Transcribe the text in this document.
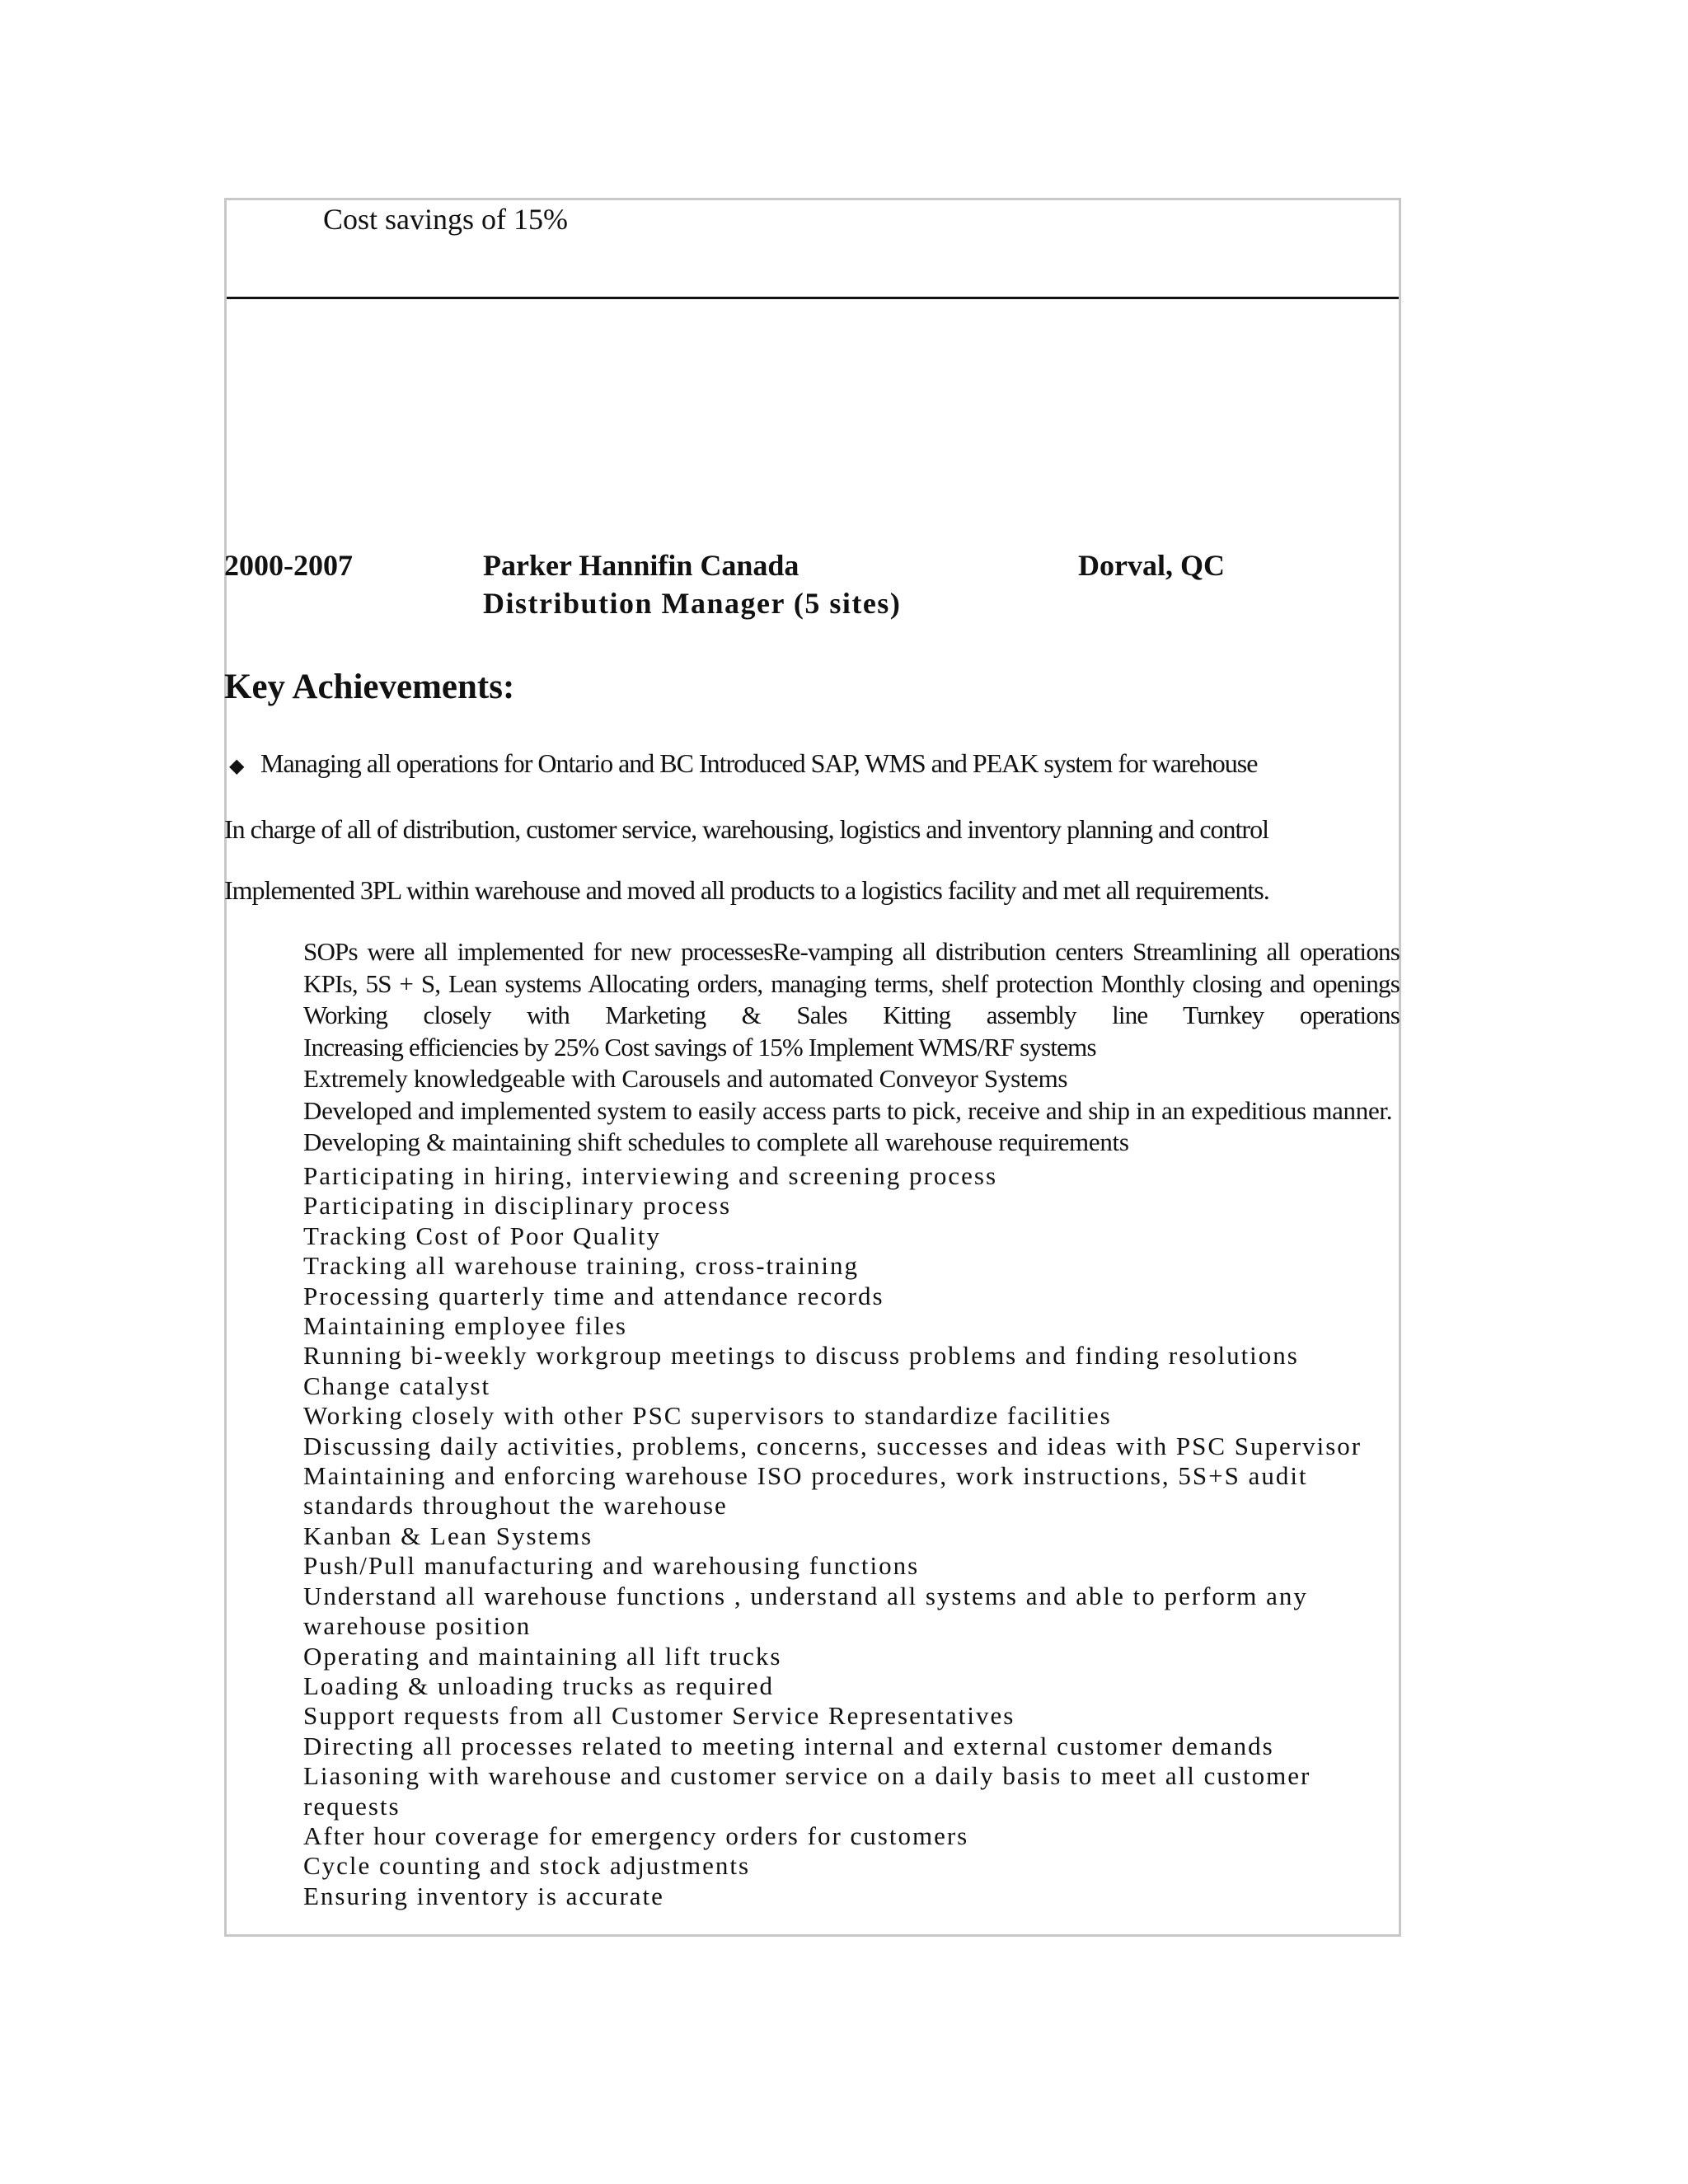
Cost savings of 15%
2000-2007	Parker Hannifin Canada	Dorval, QC
Distribution Manager (5 sites)
Key Achievements:
◆ Managing all operations for Ontario and BC Introduced SAP, WMS and PEAK system for warehouse
In charge of all of distribution, customer service, warehousing, logistics and inventory planning and control
Implemented 3PL within warehouse and moved all products to a logistics facility and met all requirements.
SOPs were all implemented for new processesRe-vamping all distribution centers Streamlining all operations KPIs, 5S + S, Lean systems Allocating orders, managing terms, shelf protection Monthly closing and openings Working closely with Marketing & Sales Kitting assembly line Turnkey operations
Increasing efficiencies by 25% Cost savings of 15% Implement WMS/RF systems
Extremely knowledgeable with Carousels and automated Conveyor Systems
Developed and implemented system to easily access parts to pick, receive and ship in an expeditious manner.
Developing & maintaining shift schedules to complete all warehouse requirements
Participating in hiring, interviewing and screening process
Participating in disciplinary process
Tracking Cost of Poor Quality
Tracking all warehouse training, cross-training
Processing quarterly time and attendance records
Maintaining employee files
Running bi-weekly workgroup meetings to discuss problems and finding resolutions
Change catalyst
Working closely with other PSC supervisors to standardize facilities
Discussing daily activities, problems, concerns, successes and ideas with PSC Supervisor
Maintaining and enforcing warehouse ISO procedures, work instructions, 5S+S audit standards throughout the warehouse
Kanban & Lean Systems
Push/Pull manufacturing and warehousing functions
Understand all warehouse functions , understand all systems and able to perform any warehouse position
Operating and maintaining all lift trucks
Loading & unloading trucks as required
Support requests from all Customer Service Representatives
Directing all processes related to meeting internal and external customer demands
Liasoning with warehouse and customer service on a daily basis to meet all customer requests
After hour coverage for emergency orders for customers
Cycle counting and stock adjustments
Ensuring inventory is accurate
